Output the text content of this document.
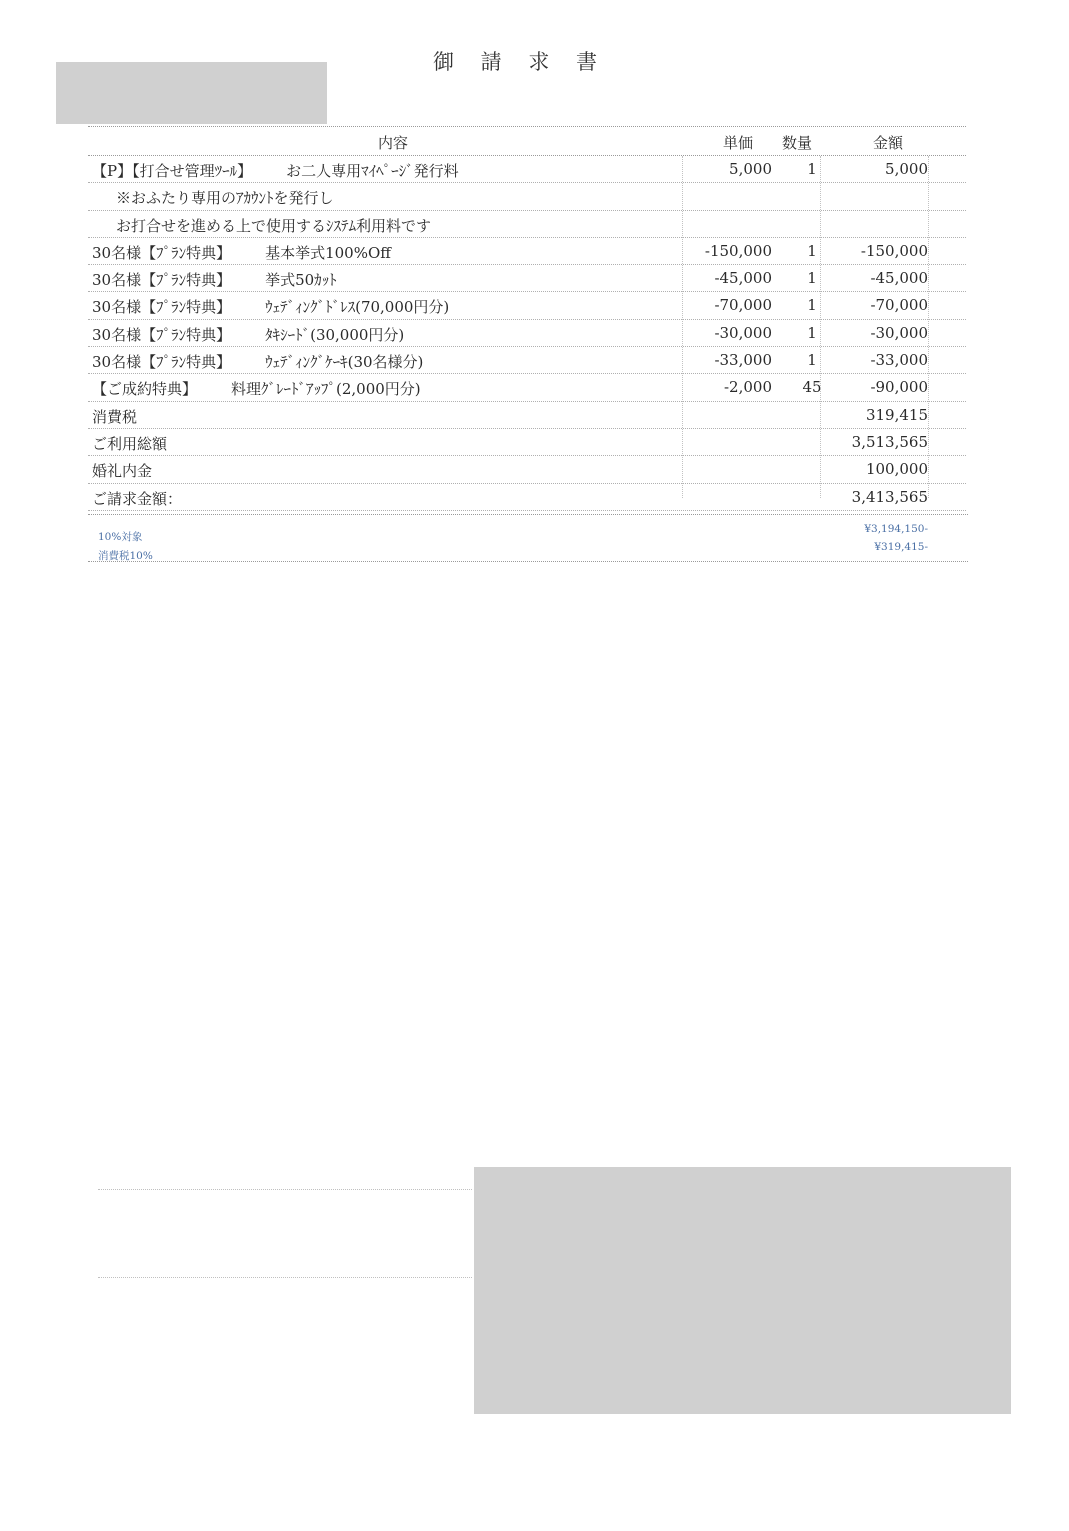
御 請 求 書
内容	単価	数量	金額
【P】【打合せ管理ﾂｰﾙ】 お二人専用ﾏｲﾍﾟｰｼﾞ発行料	5,000	1	5,000
※おふたり専用のｱｶｳﾝﾄを発行し
お打合せを進める上で使用するｼｽﾃﾑ利用料です
30名様【ﾌﾟﾗﾝ特典】 基本挙式100%Off	-150,000	1	-150,000
30名様【ﾌﾟﾗﾝ特典】 挙式50ｶｯﾄ	-45,000	1	-45,000
30名様【ﾌﾟﾗﾝ特典】 ｳｪﾃﾞｨﾝｸﾞﾄﾞﾚｽ(70,000円分)	-70,000	1	-70,000
30名様【ﾌﾟﾗﾝ特典】 ﾀｷｼｰﾄﾞ(30,000円分)	-30,000	1	-30,000
30名様【ﾌﾟﾗﾝ特典】 ｳｪﾃﾞｨﾝｸﾞｹｰｷ(30名様分)	-33,000	1	-33,000
【ご成約特典】 料理ｸﾞﾚｰﾄﾞｱｯﾌﾟ(2,000円分)	-2,000	45	-90,000
消費税	319,415
ご利用総額	3,513,565
婚礼内金	100,000
ご請求金額：	3,413,565
10%対象
¥3,194,150-
消費税10%
¥319,415-
